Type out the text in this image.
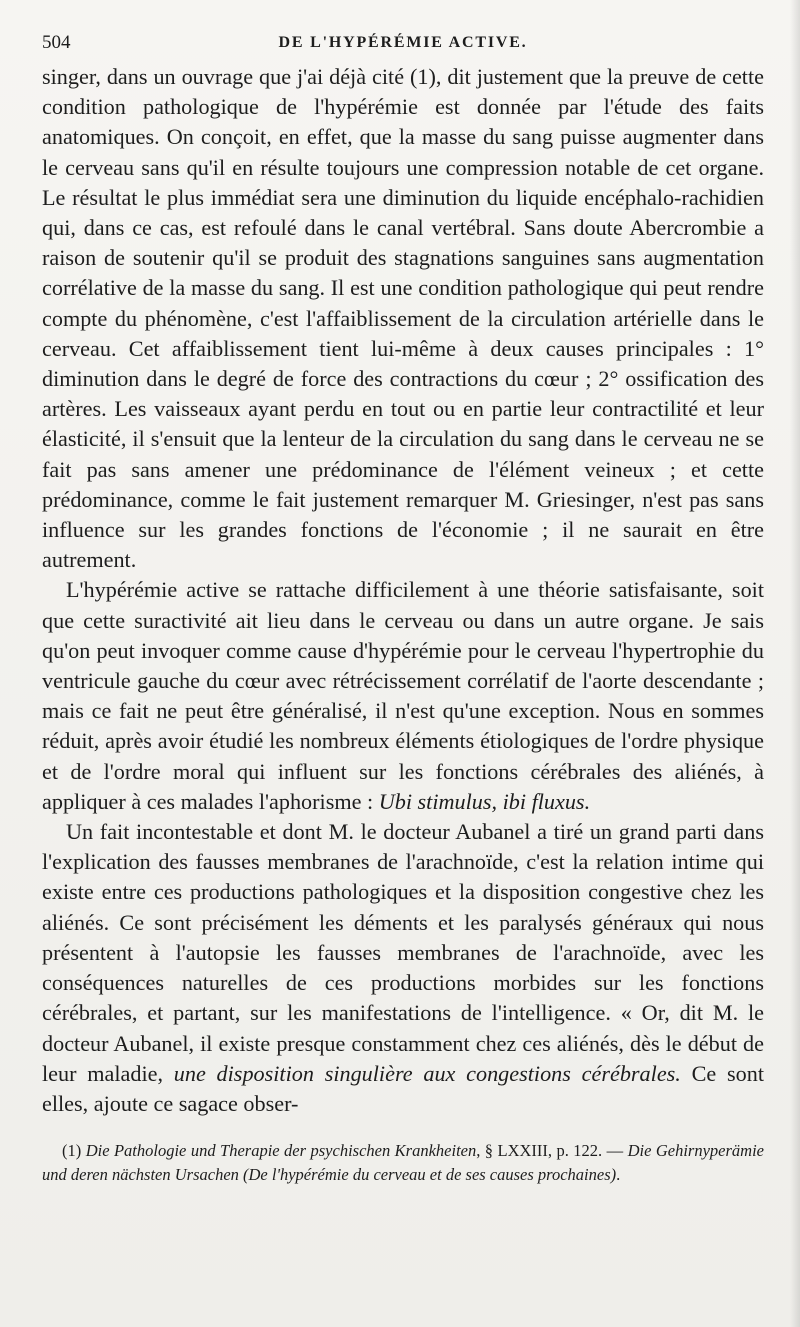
504	DE L'HYPÉRÉMIE ACTIVE.

singer, dans un ouvrage que j'ai déjà cité (1), dit justement que la preuve de cette condition pathologique de l'hypérémie est donnée par l'étude des faits anatomiques. On conçoit, en effet, que la masse du sang puisse augmenter dans le cerveau sans qu'il en résulte toujours une compression notable de cet organe. Le résultat le plus immédiat sera une diminution du liquide encéphalo-rachidien qui, dans ce cas, est refoulé dans le canal vertébral. Sans doute Abercrombie a raison de soutenir qu'il se produit des stagnations sanguines sans augmentation corrélative de la masse du sang. Il est une condition pathologique qui peut rendre compte du phénomène, c'est l'affaiblissement de la circulation artérielle dans le cerveau. Cet affaiblissement tient lui-même à deux causes principales : 1° diminution dans le degré de force des contractions du cœur ; 2° ossification des artères. Les vaisseaux ayant perdu en tout ou en partie leur contractilité et leur élasticité, il s'ensuit que la lenteur de la circulation du sang dans le cerveau ne se fait pas sans amener une prédominance de l'élément veineux ; et cette prédominance, comme le fait justement remarquer M. Griesinger, n'est pas sans influence sur les grandes fonctions de l'économie ; il ne saurait en être autrement.

L'hypérémie active se rattache difficilement à une théorie satisfaisante, soit que cette suractivité ait lieu dans le cerveau ou dans un autre organe. Je sais qu'on peut invoquer comme cause d'hypérémie pour le cerveau l'hypertrophie du ventricule gauche du cœur avec rétrécissement corrélatif de l'aorte descendante ; mais ce fait ne peut être généralisé, il n'est qu'une exception. Nous en sommes réduit, après avoir étudié les nombreux éléments étiologiques de l'ordre physique et de l'ordre moral qui influent sur les fonctions cérébrales des aliénés, à appliquer à ces malades l'aphorisme : Ubi stimulus, ibi fluxus.

Un fait incontestable et dont M. le docteur Aubanel a tiré un grand parti dans l'explication des fausses membranes de l'arachnoïde, c'est la relation intime qui existe entre ces productions pathologiques et la disposition congestive chez les aliénés. Ce sont précisément les déments et les paralysés généraux qui nous présentent à l'autopsie les fausses membranes de l'arachnoïde, avec les conséquences naturelles de ces productions morbides sur les fonctions cérébrales, et partant, sur les manifestations de l'intelligence. « Or, dit M. le docteur Aubanel, il existe presque constamment chez ces aliénés, dès le début de leur maladie, une disposition singulière aux congestions cérébrales. Ce sont elles, ajoute ce sagace obser-

(1) Die Pathologie und Therapie der psychischen Krankheiten, § LXXIII, p. 122. — Die Gehirnyperämie und deren nächsten Ursachen (De l'hypérémie du cerveau et de ses causes prochaines).
